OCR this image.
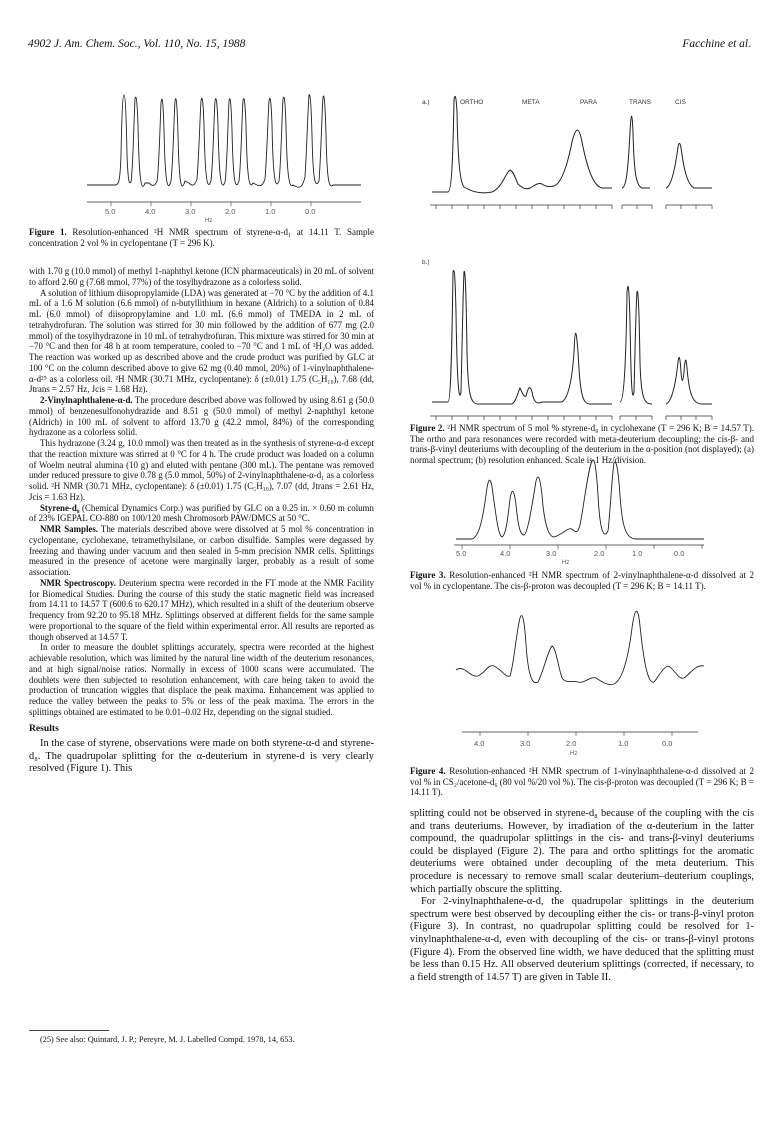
4902 J. Am. Chem. Soc., Vol. 110, No. 15, 1988	Facchine et al.
5.0	4.0	3.0	2.0	1.0	0.0
Hz
Figure 1. Resolution-enhanced ²H NMR spectrum of styrene-α-d₁ at 14.11 T. Sample concentration 2 vol % in cyclopentane (T = 296 K).

with 1.70 g (10.0 mmol) of methyl 1-naphthyl ketone (ICN pharmaceuticals) in 20 mL of solvent to afford 2.60 g (7.68 mmol, 77%) of the tosylhydrazone as a colorless solid.

A solution of lithium diisopropylamide (LDA) was generated at −70 °C by the addition of 4.1 mL of a 1.6 M solution (6.6 mmol) of n-butyllithium in hexane (Aldrich) to a solution of 0.84 mL (6.0 mmol) of diisopropylamine and 1.0 mL (6.6 mmol) of TMEDA in 2 mL of tetrahydrofuran. The solution was stirred for 30 min followed by the addition of 677 mg (2.0 mmol) of the tosylhydrazone in 10 mL of tetrahydrofuran. This mixture was stirred for 30 min at −70 °C and then for 48 h at room temperature, cooled to −70 °C and 1 mL of ²H₂O was added. The reaction was worked up as described above and the crude product was purified by GLC at 100 °C on the column described above to give 62 mg (0.40 mmol, 20%) of 1-vinylnaphthalene-α-d²⁵ as a colorless oil. ²H NMR (30.71 MHz, cyclopentane): δ (±0.01) 1.75 (C₅H₁₀), 7.68 (dd, Jtrans = 2.57 Hz, Jcis = 1.68 Hz).

2-Vinylnaphthalene-α-d. The procedure described above was followed by using 8.61 g (50.0 mmol) of benzenesulfonohydrazide and 8.51 g (50.0 mmol) of methyl 2-naphthyl ketone (Aldrich) in 100 mL of solvent to afford 13.70 g (42.2 mmol, 84%) of the corresponding hydrazone as a colorless solid.

This hydrazone (3.24 g, 10.0 mmol) was then treated as in the synthesis of styrene-α-d except that the reaction mixture was stirred at 0 °C for 4 h. The crude product was loaded on a column of Woelm neutral alumina (10 g) and eluted with pentane (300 mL). The pentane was removed under reduced pressure to give 0.78 g (5.0 mmol, 50%) of 2-vinylnaphthalene-α-d₁ as a colorless solid. ²H NMR (30.71 MHz, cyclopentane): δ (±0.01) 1.75 (C₅H₁₀), 7.07 (dd, Jtrans = 2.61 Hz, Jcis = 1.63 Hz).

Styrene-d₈ (Chemical Dynamics Corp.) was purified by GLC on a 0.25 in. × 0.60 m column of 23% IGEPAL CO-880 on 100/120 mesh Chromosorb PAW/DMCS at 50 °C.

NMR Samples. The materials described above were dissolved at 5 mol % concentration in cyclopentane, cyclohexane, tetramethylsilane, or carbon disulfide. Samples were degassed by freezing and thawing under vacuum and then sealed in 5-mm precision NMR cells. Splittings measured in the presence of acetone were marginally larger, probably as a result of some association.

NMR Spectroscopy. Deuterium spectra were recorded in the FT mode at the NMR Facility for Biomedical Studies. During the course of this study the static magnetic field was increased from 14.11 to 14.57 T (600.6 to 620.17 MHz), which resulted in a shift of the deuterium observe frequency from 92.20 to 95.18 MHz. Splittings observed at different fields for the same sample were proportional to the square of the field within experimental error. All results are reported as though observed at 14.57 T.

In order to measure the doublet splittings accurately, spectra were recorded at the highest achievable resolution, which was limited by the natural line width of the deuterium resonances, and at high signal/noise ratios. Normally in excess of 1000 scans were accumulated. The doublets were then subjected to resolution enhancement, with care being taken to avoid the production of truncation wiggles that displace the peak maxima. Enhancement was applied to reduce the valley between the peaks to 5% or less of the peak maxima. The errors in the splittings obtained are estimated to be 0.01–0.02 Hz, depending on the signal studied.

Results

In the case of styrene, observations were made on both styrene-α-d and styrene-d₈. The quadrupolar splitting for the α-deuterium in styrene-d is very clearly resolved (Figure 1). This

(25) See also: Quintard, J. P.; Pereyre, M. J. Labelled Compd. 1978, 14, 653.

a.)	ORTHO	META	PARA	TRANS	CIS
b.)
Figure 2. ²H NMR spectrum of 5 mol % styrene-d₈ in cyclohexane (T = 296 K; B = 14.57 T). The ortho and para resonances were recorded with meta-deuterium decoupling; the cis-β- and trans-β-vinyl deuteriums with decoupling of the deuterium in the α-position (not displayed); (a) normal spectrum; (b) resolution enhanced. Scale is 1 Hz/division.
5.0	4.0	3.0	2.0	1.0	0.0
Hz
Figure 3. Resolution-enhanced ²H NMR spectrum of 2-vinylnaphthalene-α-d dissolved at 2 vol % in cyclopentane. The cis-β-proton was decoupled (T = 296 K; B = 14.11 T).
4.0	3.0	2.0	1.0	0.0
Hz
Figure 4. Resolution-enhanced ²H NMR spectrum of 1-vinylnaphthalene-α-d dissolved at 2 vol % in CS₂/acetone-d₆ (80 vol %/20 vol %). The cis-β-proton was decoupled (T = 296 K; B = 14.11 T).

splitting could not be observed in styrene-d₈ because of the coupling with the cis and trans deuteriums. However, by irradiation of the α-deuterium in the latter compound, the quadrupolar splittings in the cis- and trans-β-vinyl deuteriums could be displayed (Figure 2). The para and ortho splittings for the aromatic deuteriums were obtained under decoupling of the meta deuterium. This procedure is necessary to remove small scalar deuterium–deuterium couplings, which partially obscure the splitting.

For 2-vinylnaphthalene-α-d, the quadrupolar splittings in the deuterium spectrum were best observed by decoupling either the cis- or trans-β-vinyl proton (Figure 3). In contrast, no quadrupolar splitting could be resolved for 1-vinylnaphthalene-α-d, even with decoupling of the cis- or trans-β-vinyl protons (Figure 4). From the observed line width, we have deduced that the splitting must be less than 0.15 Hz. All observed deuterium splittings (corrected, if necessary, to a field strength of 14.57 T) are given in Table II.
